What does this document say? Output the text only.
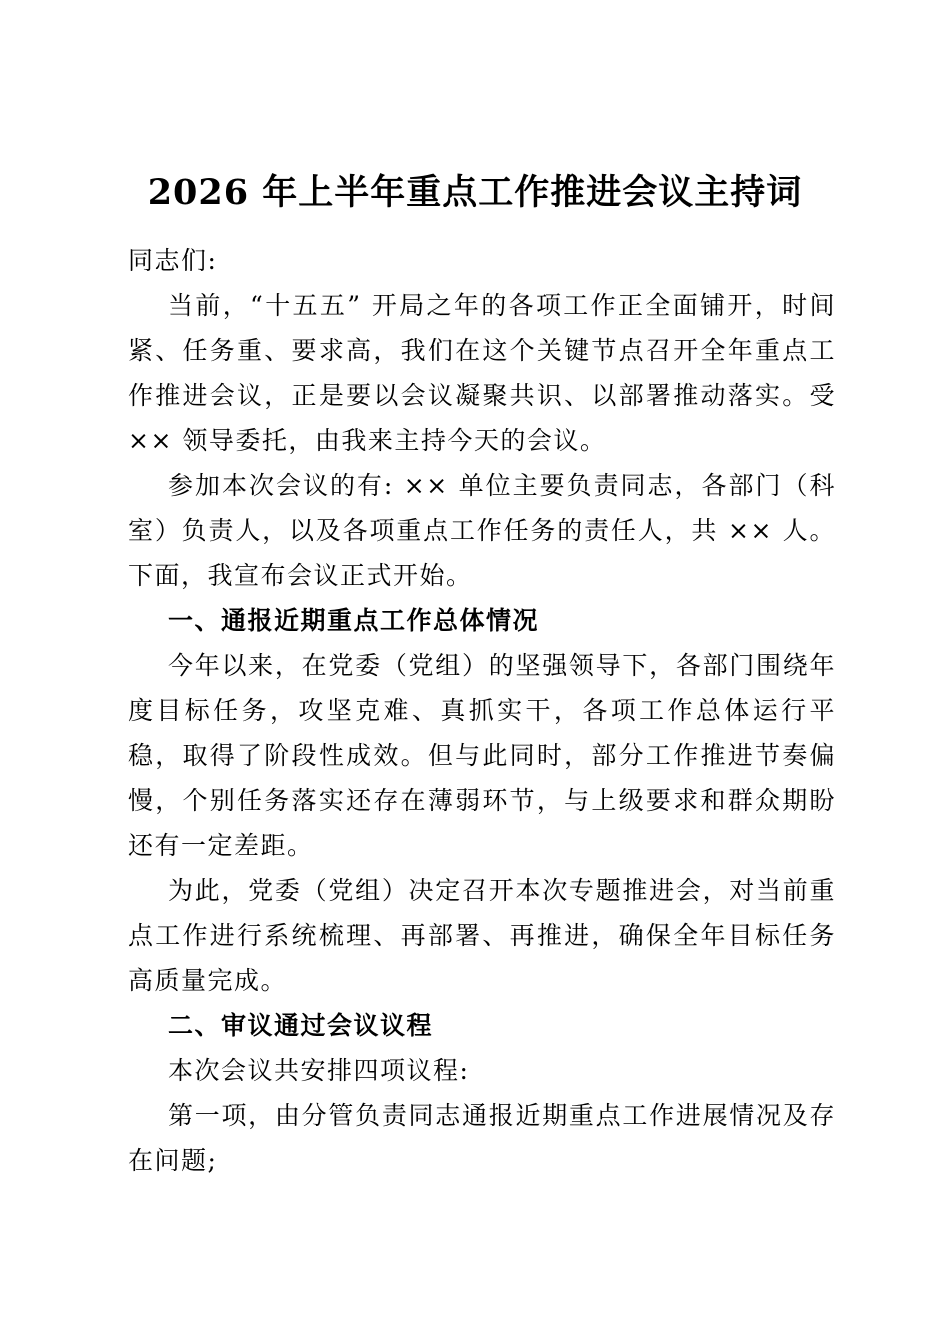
2026 年上半年重点工作推进会议主持词

同志们:

当前，“十五五” 开局之年的各项工作正全面铺开，时间紧、任务重、要求高，我们在这个关键节点召开全年重点工作推进会议，正是要以会议凝聚共识、以部署推动落实。受 ×× 领导委托，由我来主持今天的会议。

参加本次会议的有: ×× 单位主要负责同志，各部门（科室）负责人，以及各项重点工作任务的责任人，共 ×× 人。下面，我宣布会议正式开始。

一、通报近期重点工作总体情况

今年以来，在党委（党组）的坚强领导下，各部门围绕年度目标任务，攻坚克难、真抓实干，各项工作总体运行平稳，取得了阶段性成效。但与此同时，部分工作推进节奏偏慢，个别任务落实还存在薄弱环节，与上级要求和群众期盼还有一定差距。

为此，党委（党组）决定召开本次专题推进会，对当前重点工作进行系统梳理、再部署、再推进，确保全年目标任务高质量完成。

二、审议通过会议议程

本次会议共安排四项议程:

第一项，由分管负责同志通报近期重点工作进展情况及存在问题;
